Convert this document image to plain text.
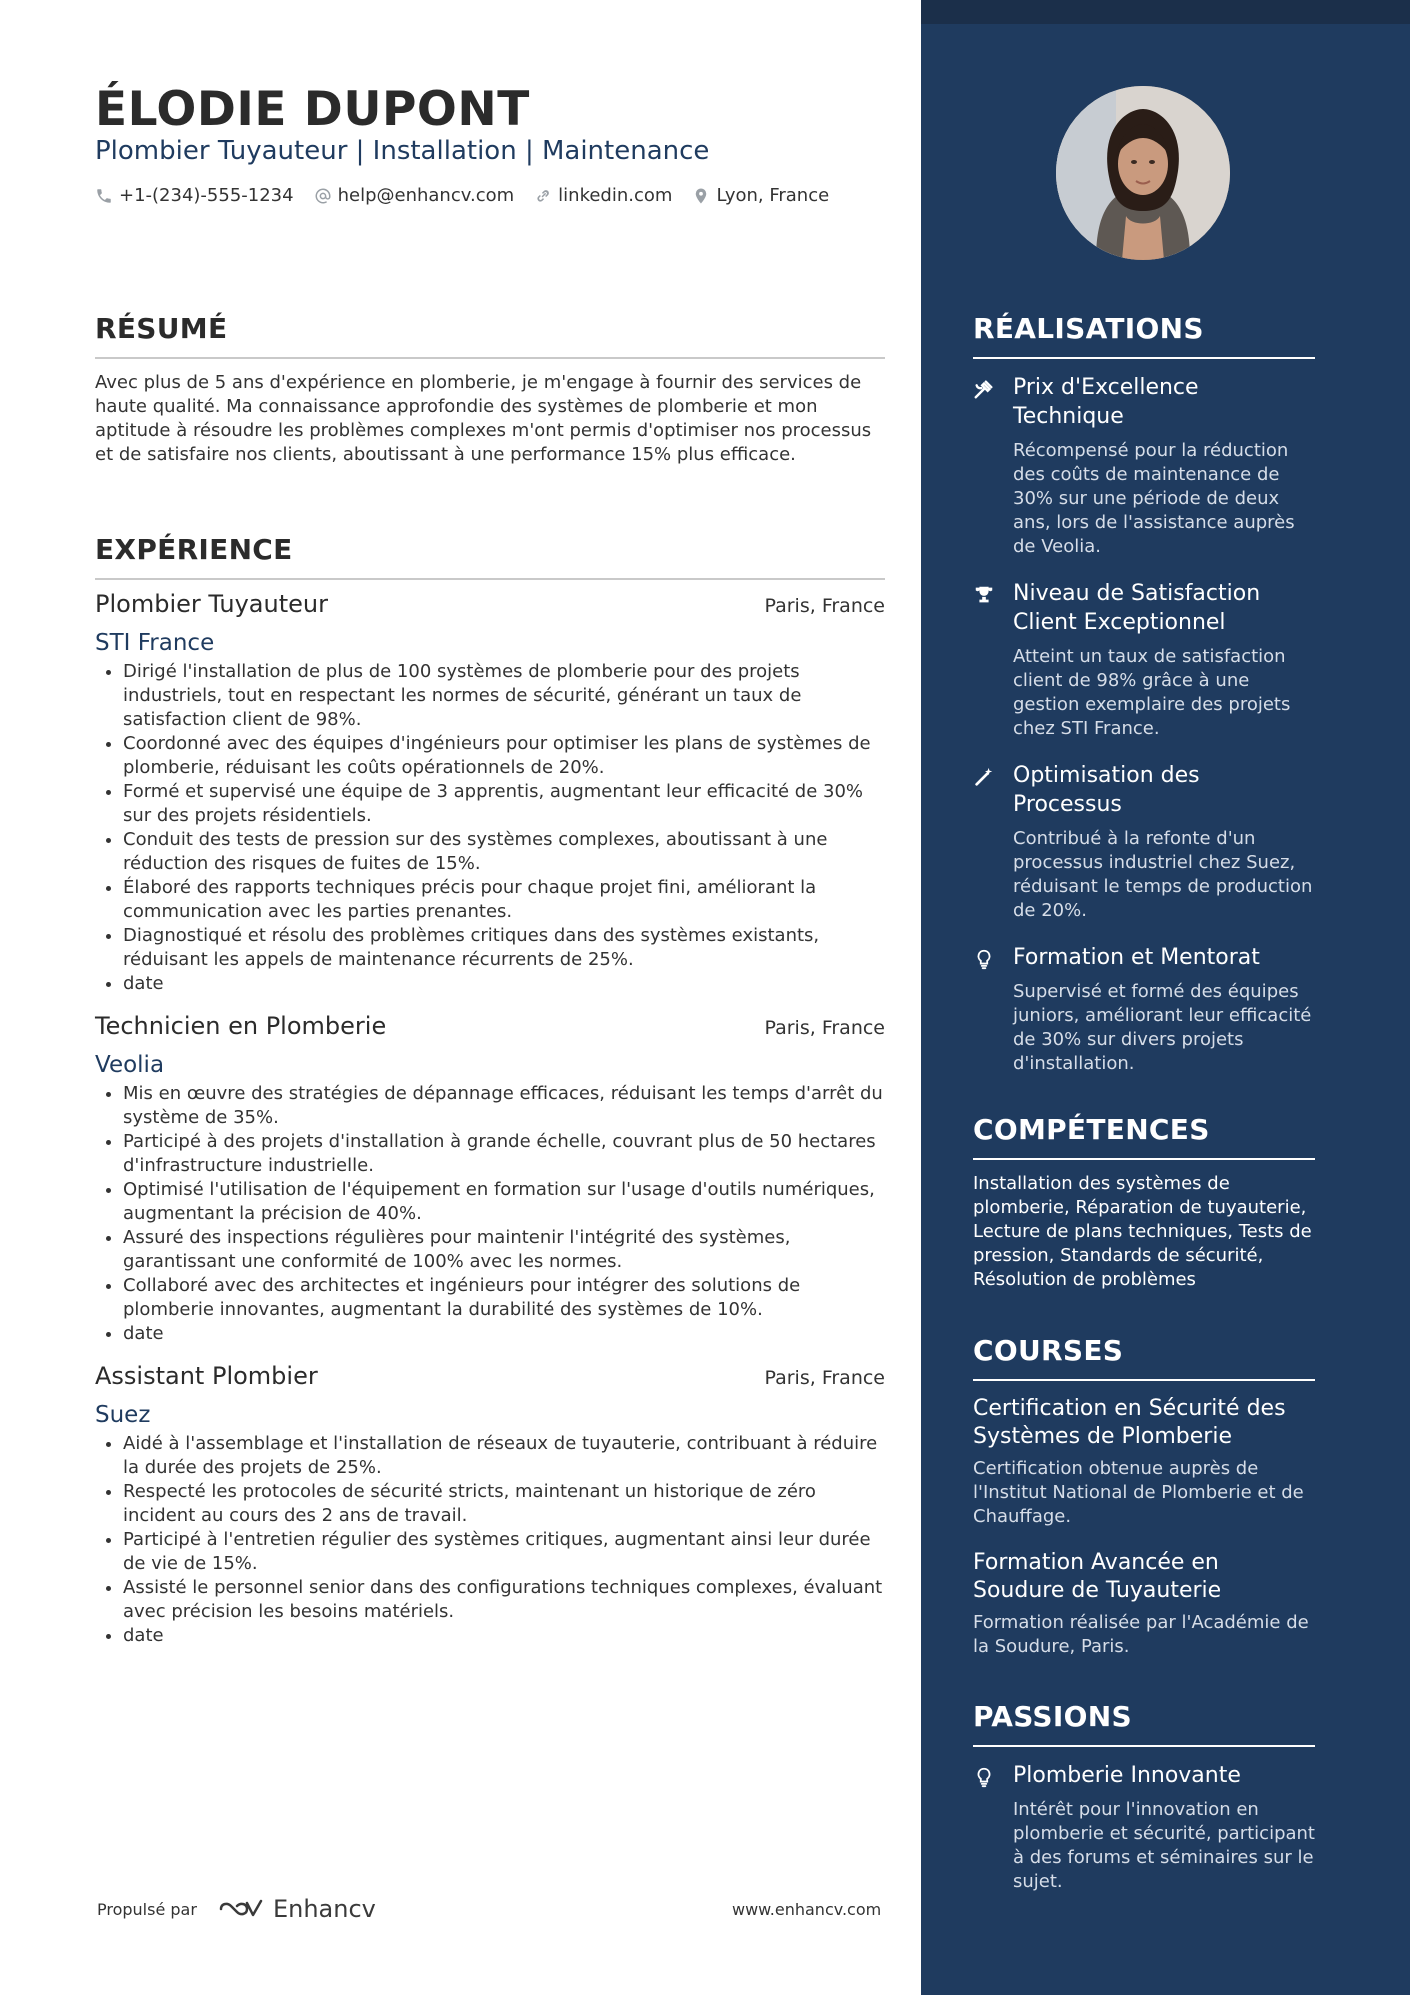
ÉLODIE DUPONT
Plombier Tuyauteur | Installation | Maintenance
+1-(234)-555-1234 help@enhancv.com linkedin.com Lyon, France
RÉSUMÉ

Avec plus de 5 ans d'expérience en plomberie, je m'engage à fournir des services de haute qualité. Ma connaissance approfondie des systèmes de plomberie et mon aptitude à résoudre les problèmes complexes m'ont permis d'optimiser nos processus et de satisfaire nos clients, aboutissant à une performance 15% plus efficace.

EXPÉRIENCE
Plombier Tuyauteur	Paris, France
STI France
• Dirigé l'installation de plus de 100 systèmes de plomberie pour des projets industriels, tout en respectant les normes de sécurité, générant un taux de satisfaction client de 98%.
• Coordonné avec des équipes d'ingénieurs pour optimiser les plans de systèmes de plomberie, réduisant les coûts opérationnels de 20%.
• Formé et supervisé une équipe de 3 apprentis, augmentant leur efficacité de 30% sur des projets résidentiels.
• Conduit des tests de pression sur des systèmes complexes, aboutissant à une réduction des risques de fuites de 15%.
• Élaboré des rapports techniques précis pour chaque projet fini, améliorant la communication avec les parties prenantes.
• Diagnostiqué et résolu des problèmes critiques dans des systèmes existants, réduisant les appels de maintenance récurrents de 25%.
• date
Technicien en Plomberie	Paris, France
Veolia
• Mis en œuvre des stratégies de dépannage efficaces, réduisant les temps d'arrêt du système de 35%.
• Participé à des projets d'installation à grande échelle, couvrant plus de 50 hectares d'infrastructure industrielle.
• Optimisé l'utilisation de l'équipement en formation sur l'usage d'outils numériques, augmentant la précision de 40%.
• Assuré des inspections régulières pour maintenir l'intégrité des systèmes, garantissant une conformité de 100% avec les normes.
• Collaboré avec des architectes et ingénieurs pour intégrer des solutions de plomberie innovantes, augmentant la durabilité des systèmes de 10%.
• date
Assistant Plombier	Paris, France
Suez
• Aidé à l'assemblage et l'installation de réseaux de tuyauterie, contribuant à réduire la durée des projets de 25%.
• Respecté les protocoles de sécurité stricts, maintenant un historique de zéro incident au cours des 2 ans de travail.
• Participé à l'entretien régulier des systèmes critiques, augmentant ainsi leur durée de vie de 15%.
• Assisté le personnel senior dans des configurations techniques complexes, évaluant avec précision les besoins matériels.
• date
Propulsé par	Enhancv	www.enhancv.com
RÉALISATIONS
Prix d'Excellence Technique
Récompensé pour la réduction des coûts de maintenance de 30% sur une période de deux ans, lors de l'assistance auprès de Veolia.
Niveau de Satisfaction Client Exceptionnel
Atteint un taux de satisfaction client de 98% grâce à une gestion exemplaire des projets chez STI France.
Optimisation des Processus
Contribué à la refonte d'un processus industriel chez Suez, réduisant le temps de production de 20%.
Formation et Mentorat
Supervisé et formé des équipes juniors, améliorant leur efficacité de 30% sur divers projets d'installation.
COMPÉTENCES

Installation des systèmes de plomberie, Réparation de tuyauterie, Lecture de plans techniques, Tests de pression, Standards de sécurité, Résolution de problèmes

COURSES
Certification en Sécurité des Systèmes de Plomberie
Certification obtenue auprès de l'Institut National de Plomberie et de Chauffage.
Formation Avancée en Soudure de Tuyauterie
Formation réalisée par l'Académie de la Soudure, Paris.
PASSIONS
Plomberie Innovante
Intérêt pour l'innovation en plomberie et sécurité, participant à des forums et séminaires sur le sujet.
